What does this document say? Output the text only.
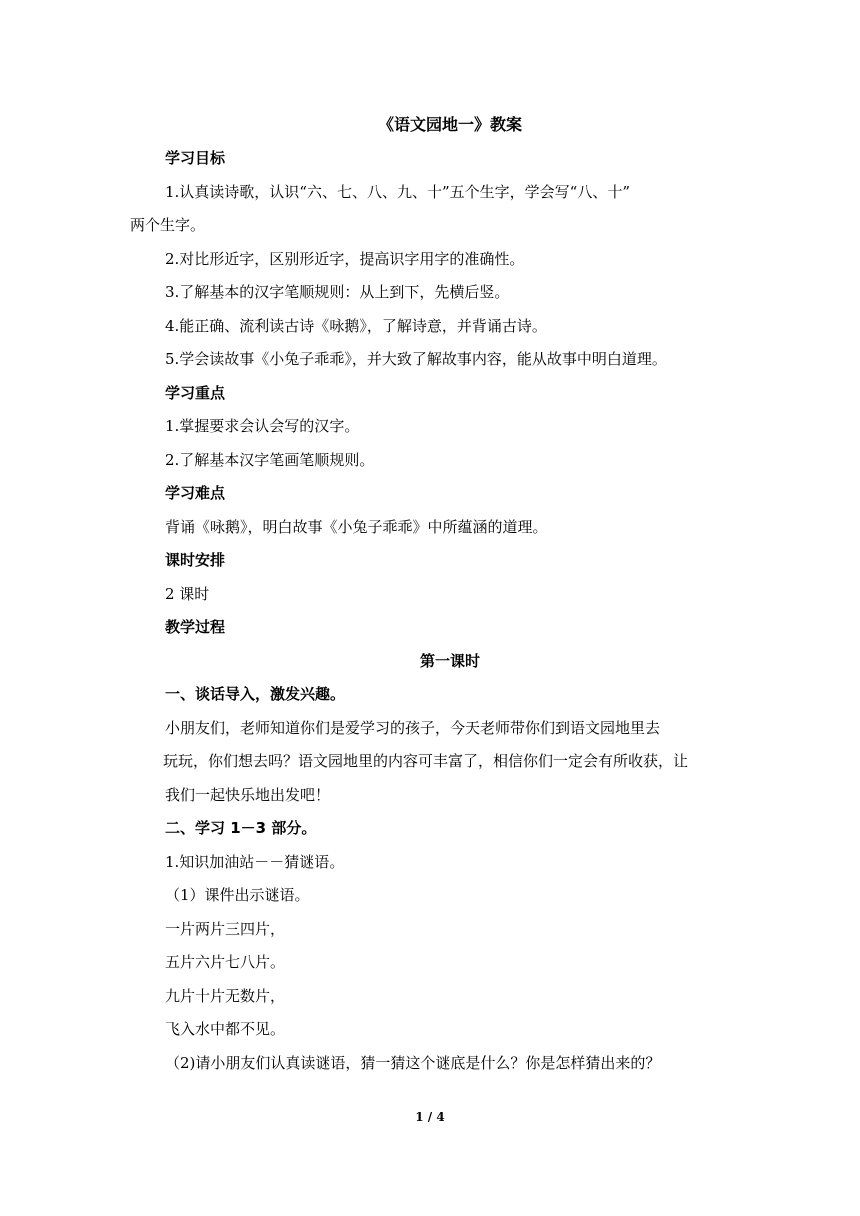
《语文园地一》教案

学习目标

1.认真读诗歌，认识“六、七、八、九、十”五个生字，学会写“八、十”

两个生字。

2.对比形近字，区别形近字，提高识字用字的准确性。

3.了解基本的汉字笔顺规则：从上到下，先横后竖。

4.能正确、流利读古诗《咏鹅》，了解诗意，并背诵古诗。

5.学会读故事《小兔子乖乖》，并大致了解故事内容，能从故事中明白道理。

学习重点

1.掌握要求会认会写的汉字。

2.了解基本汉字笔画笔顺规则。

学习难点

背诵《咏鹅》，明白故事《小兔子乖乖》中所蕴涵的道理。

课时安排

2 课时

教学过程

第一课时

一、谈话导入，激发兴趣。

小朋友们，老师知道你们是爱学习的孩子，今天老师带你们到语文园地里去

玩玩，你们想去吗？语文园地里的内容可丰富了，相信你们一定会有所收获，让

我们一起快乐地出发吧！

二、学习 1－3 部分。

1.知识加油站－－猜谜语。

（1）课件出示谜语。

一片两片三四片，

五片六片七八片。

九片十片无数片，

飞入水中都不见。

（2)请小朋友们认真读谜语，猜一猜这个谜底是什么？你是怎样猜出来的？

1 / 4
